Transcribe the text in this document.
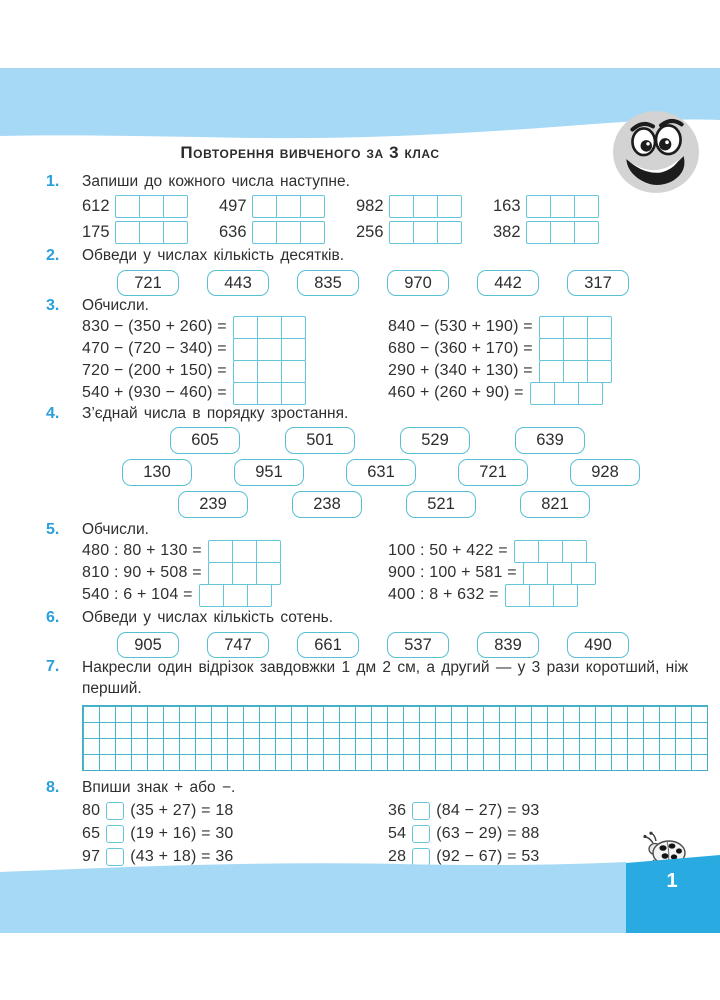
Повторення вивченого за 3 клас
1.	Запиши до кожного числа наступне.
612	497	982	163
175	636	256	382
2.	Обведи у числах кількість десятків.
721	443	835	970	442	317
3.	Обчисли.
830 − (350 + 260) =
470 − (720 − 340) =
720 − (200 + 150) =
540 + (930 − 460) =
840 − (530 + 190) =
680 − (360 + 170) =
290 + (340 + 130) =
460 + (260 + 90) =
4.	З’єднай числа в порядку зростання.
605	501	529	639
130	951	631	721	928
239	238	521	821
5.	Обчисли.
480 : 80 + 130 =
810 : 90 + 508 =
540 : 6 + 104 =
100 : 50 + 422 =
900 : 100 + 581 =
400 : 8 + 632 =
6.	Обведи у числах кількість сотень.
905	747	661	537	839	490
7.	Накресли один відрізок завдовжки 1 дм 2 см, а другий — у 3 рази коротший, ніж перший.
8.	Впиши знак + або −.
80 (35 + 27) = 18
65 (19 + 16) = 30
97 (43 + 18) = 36
36 (84 − 27) = 93
54 (63 − 29) = 88
28 (92 − 67) = 53
1
